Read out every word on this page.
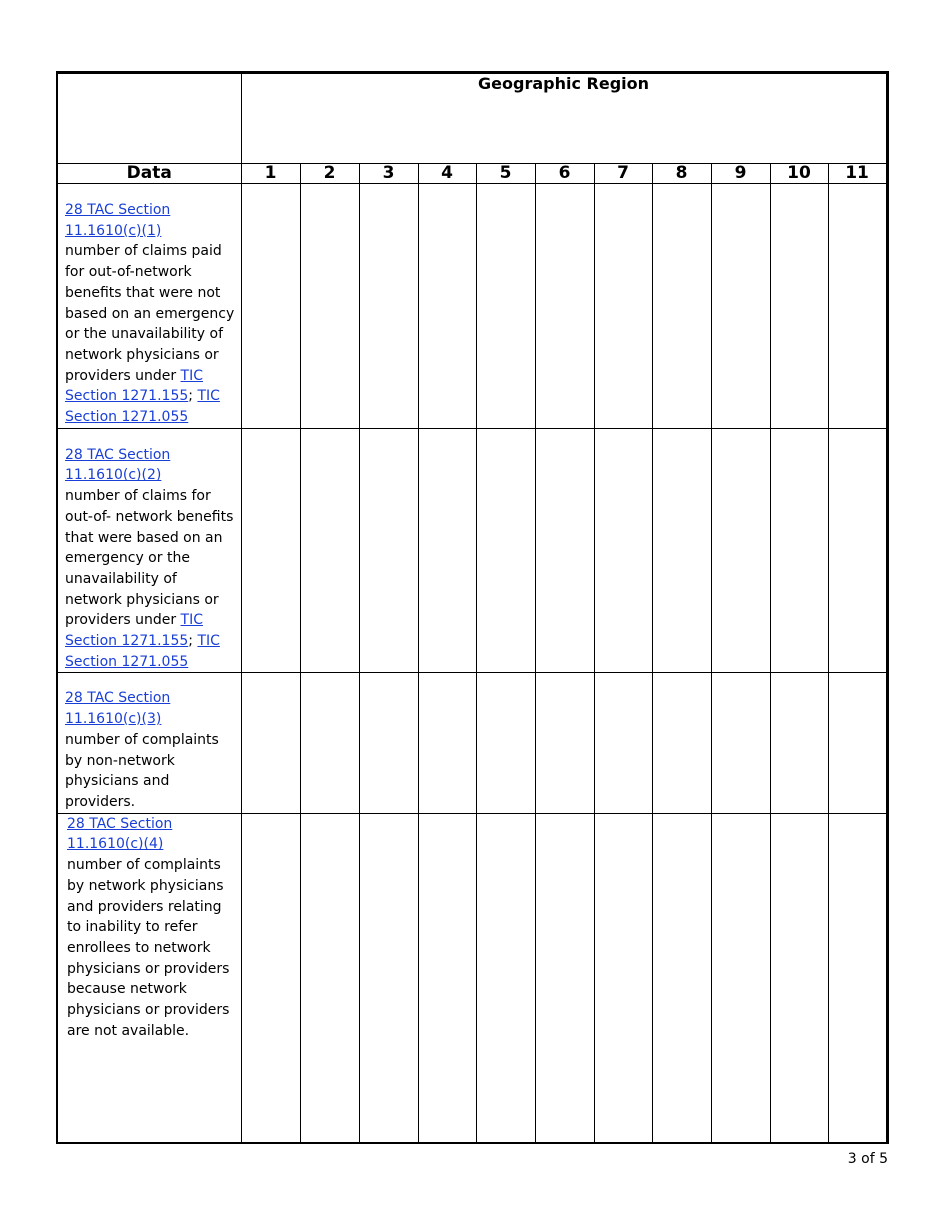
	Geographic Region										

Data	1	2	3	4	5	6	7	8	9	10	11
28 TAC Section 11.1610(c)(1)
number of claims paid for out-of-network benefits that were not based on an emergency or the unavailability of network physicians or providers under TIC Section 1271.155; TIC Section 1271.055											
28 TAC Section 11.1610(c)(2)
number of claims for out-of- network benefits that were based on an emergency or the unavailability of network physicians or providers under TIC Section 1271.155; TIC Section 1271.055											
28 TAC Section 11.1610(c)(3)
number of complaints by non-network physicians and providers.											
28 TAC Section 11.1610(c)(4)
number of complaints by network physicians and providers relating to inability to refer enrollees to network physicians or providers because network physicians or providers are not available.											
3 of 5
